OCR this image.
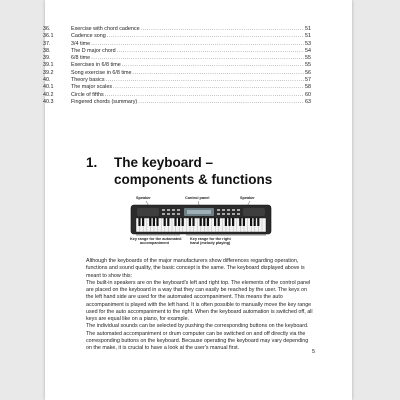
36.	Exercise with chord cadence .....	51
36.1	Cadence song .....	51
37.	3/4 time .....	53
38.	The D major chord .....	54
39.	6/8 time .....	55
39.1	Exercises in 6/8 time .....	55
39.2	Song exercise in 6/8 time .....	56
40.	Theory basics .....	57
40.1	The major scales .....	58
40.2	Circle of fifths .....	60
40.3	Fingered chords (summary) .....	63
1. The keyboard –
components & functions
Speaker	Control panel	Speaker
Key range for the automated
accompaniment
Key range for the right
hand (melody playing)

Although the keyboards of the major manufacturers show differences regarding operation, functions and sound quality, the basic concept is the same. The keyboard displayed above is meant to show this:

The built-in speakers are on the keyboard's left and right top. The elements of the control panel are placed on the keyboard in a way that they can easily be reached by the user. The keys on the left hand side are used for the automated accompaniment. This means the auto accompaniment is played with the left hand. It is often possible to manually move the key range used for the auto accompaniment to the right. When the keyboard automation is switched off, all keys are equal like on a piano, for example.

The individual sounds can be selected by pushing the corresponding buttons on the keyboard. The automated accompaniment or drum computer can be switched on and off directly via the corresponding buttons on the keyboard. Because operating the keyboard may vary depending on the make, it is crucial to have a look at the user's manual first.

5
